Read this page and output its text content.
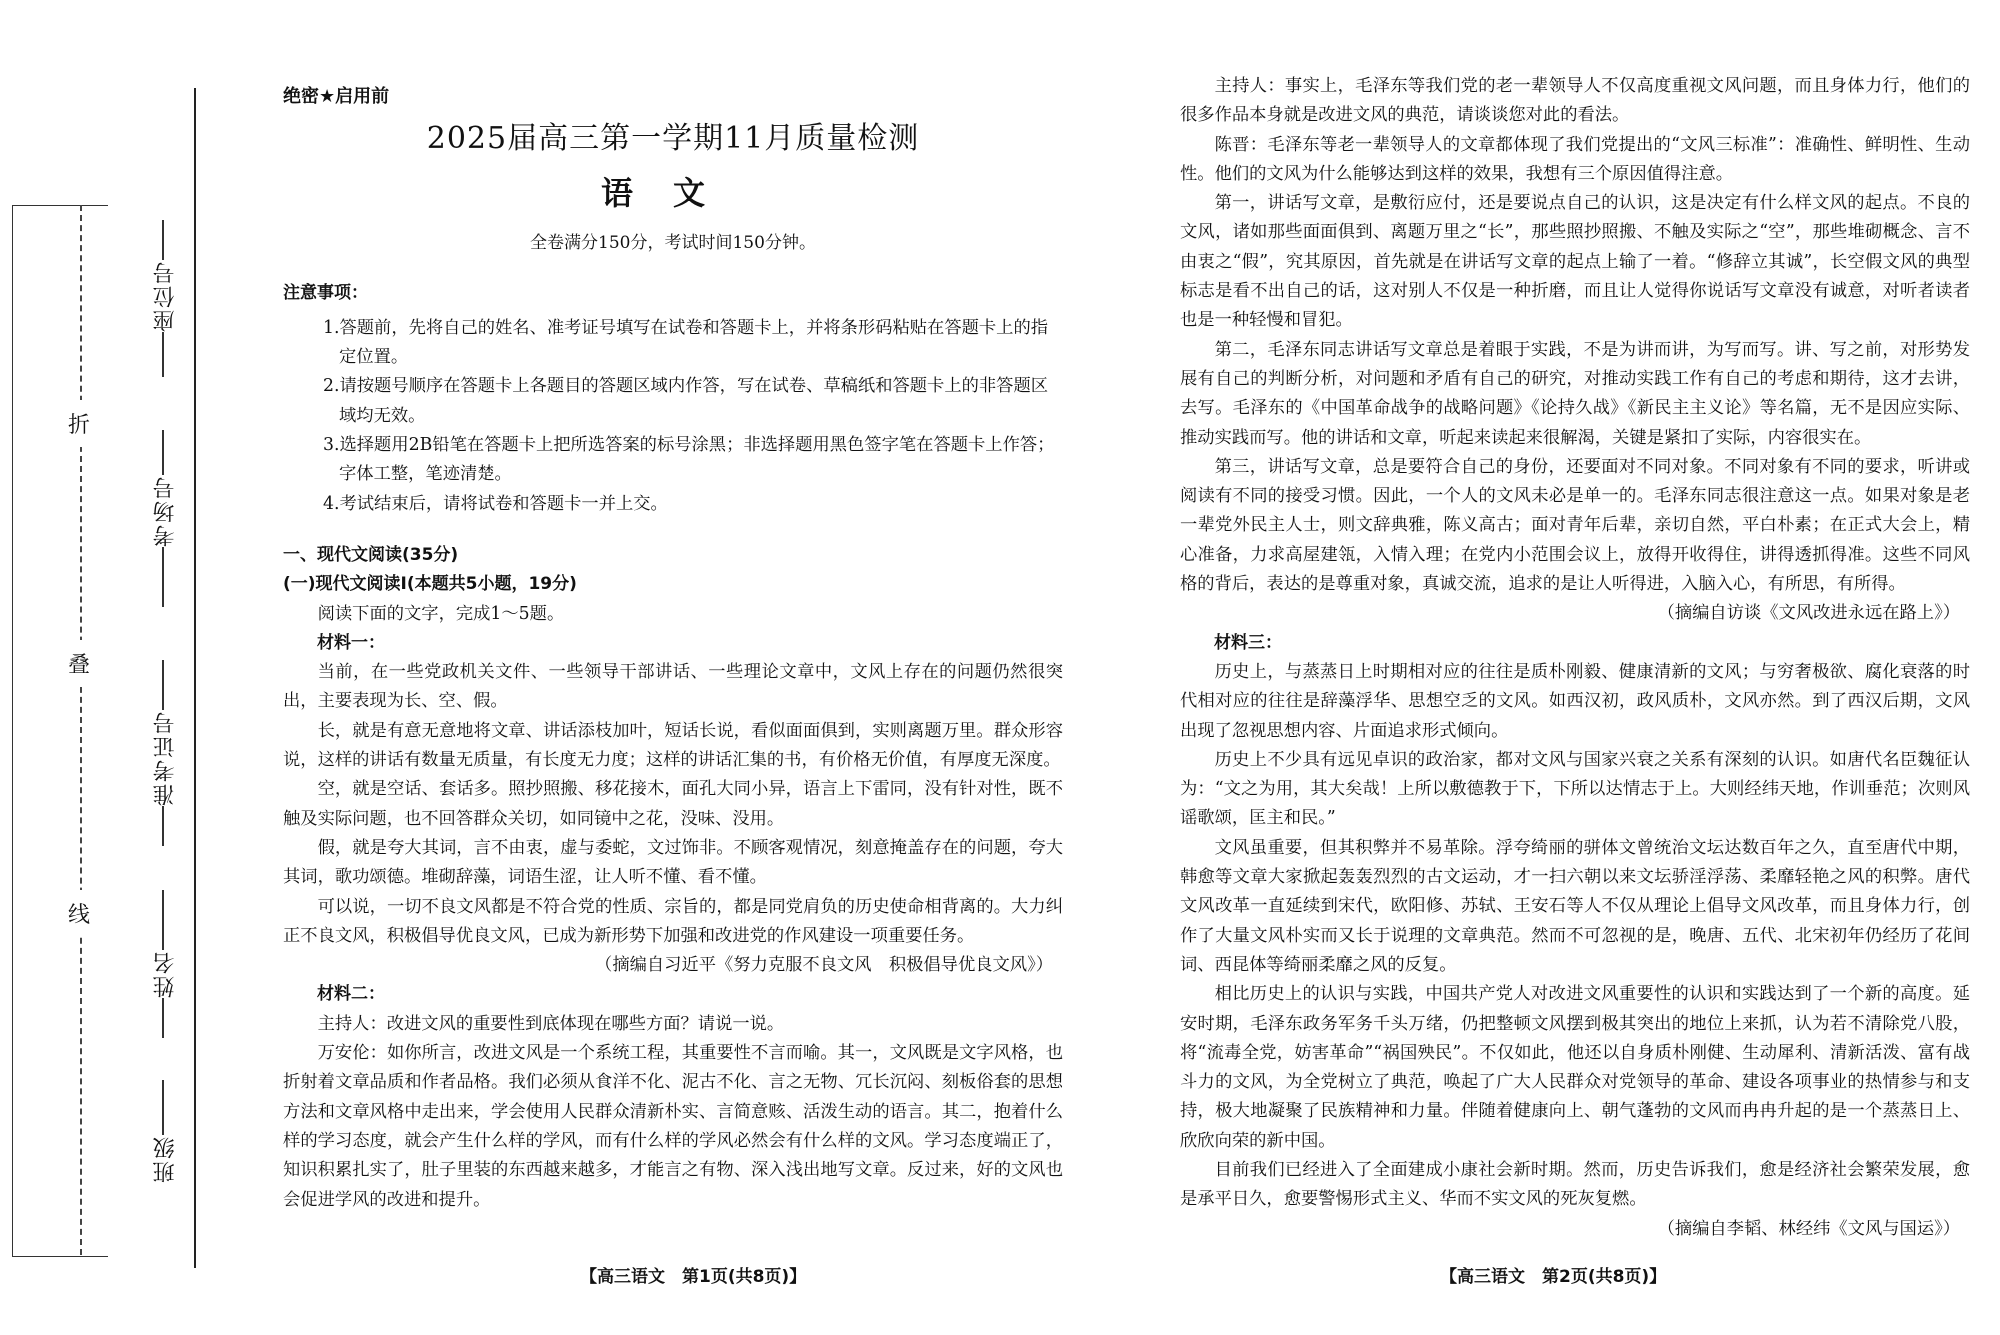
折
叠
线
座位号
考场号
准考证号
姓名
班级

绝密★启用前

2025届高三第一学期11月质量检测

语文

全卷满分150分，考试时间150分钟。

注意事项：

1.答题前，先将自己的姓名、准考证号填写在试卷和答题卡上，并将条形码粘贴在答题卡上的指定位置。

2.请按题号顺序在答题卡上各题目的答题区域内作答，写在试卷、草稿纸和答题卡上的非答题区域均无效。

3.选择题用2B铅笔在答题卡上把所选答案的标号涂黑；非选择题用黑色签字笔在答题卡上作答；字体工整，笔迹清楚。

4.考试结束后，请将试卷和答题卡一并上交。

一、现代文阅读(35分)

(一)现代文阅读Ⅰ(本题共5小题，19分)

阅读下面的文字，完成1～5题。

材料一：

当前，在一些党政机关文件、一些领导干部讲话、一些理论文章中，文风上存在的问题仍然很突出，主要表现为长、空、假。

长，就是有意无意地将文章、讲话添枝加叶，短话长说，看似面面俱到，实则离题万里。群众形容说，这样的讲话有数量无质量，有长度无力度；这样的讲话汇集的书，有价格无价值，有厚度无深度。

空，就是空话、套话多。照抄照搬、移花接木，面孔大同小异，语言上下雷同，没有针对性，既不触及实际问题，也不回答群众关切，如同镜中之花，没味、没用。

假，就是夸大其词，言不由衷，虚与委蛇，文过饰非。不顾客观情况，刻意掩盖存在的问题，夸大其词，歌功颂德。堆砌辞藻，词语生涩，让人听不懂、看不懂。

可以说，一切不良文风都是不符合党的性质、宗旨的，都是同党肩负的历史使命相背离的。大力纠正不良文风，积极倡导优良文风，已成为新形势下加强和改进党的作风建设一项重要任务。

（摘编自习近平《努力克服不良文风　积极倡导优良文风》）

材料二：

主持人：改进文风的重要性到底体现在哪些方面？请说一说。

万安伦：如你所言，改进文风是一个系统工程，其重要性不言而喻。其一，文风既是文字风格，也折射着文章品质和作者品格。我们必须从食洋不化、泥古不化、言之无物、冗长沉闷、刻板俗套的思想方法和文章风格中走出来，学会使用人民群众清新朴实、言简意赅、活泼生动的语言。其二，抱着什么样的学习态度，就会产生什么样的学风，而有什么样的学风必然会有什么样的文风。学习态度端正了，知识积累扎实了，肚子里装的东西越来越多，才能言之有物、深入浅出地写文章。反过来，好的文风也会促进学风的改进和提升。

【高三语文　第1页(共8页)】

主持人：事实上，毛泽东等我们党的老一辈领导人不仅高度重视文风问题，而且身体力行，他们的很多作品本身就是改进文风的典范，请谈谈您对此的看法。

陈晋：毛泽东等老一辈领导人的文章都体现了我们党提出的“文风三标准”：准确性、鲜明性、生动性。他们的文风为什么能够达到这样的效果，我想有三个原因值得注意。

第一，讲话写文章，是敷衍应付，还是要说点自己的认识，这是决定有什么样文风的起点。不良的文风，诸如那些面面俱到、离题万里之“长”，那些照抄照搬、不触及实际之“空”，那些堆砌概念、言不由衷之“假”，究其原因，首先就是在讲话写文章的起点上输了一着。“修辞立其诚”，长空假文风的典型标志是看不出自己的话，这对别人不仅是一种折磨，而且让人觉得你说话写文章没有诚意，对听者读者也是一种轻慢和冒犯。

第二，毛泽东同志讲话写文章总是着眼于实践，不是为讲而讲，为写而写。讲、写之前，对形势发展有自己的判断分析，对问题和矛盾有自己的研究，对推动实践工作有自己的考虑和期待，这才去讲，去写。毛泽东的《中国革命战争的战略问题》《论持久战》《新民主主义论》等名篇，无不是因应实际、推动实践而写。他的讲话和文章，听起来读起来很解渴，关键是紧扣了实际，内容很实在。

第三，讲话写文章，总是要符合自己的身份，还要面对不同对象。不同对象有不同的要求，听讲或阅读有不同的接受习惯。因此，一个人的文风未必是单一的。毛泽东同志很注意这一点。如果对象是老一辈党外民主人士，则文辞典雅，陈义高古；面对青年后辈，亲切自然，平白朴素；在正式大会上，精心准备，力求高屋建瓴，入情入理；在党内小范围会议上，放得开收得住，讲得透抓得准。这些不同风格的背后，表达的是尊重对象，真诚交流，追求的是让人听得进，入脑入心，有所思，有所得。

（摘编自访谈《文风改进永远在路上》）

材料三：

历史上，与蒸蒸日上时期相对应的往往是质朴刚毅、健康清新的文风；与穷奢极欲、腐化衰落的时代相对应的往往是辞藻浮华、思想空乏的文风。如西汉初，政风质朴，文风亦然。到了西汉后期，文风出现了忽视思想内容、片面追求形式倾向。

历史上不少具有远见卓识的政治家，都对文风与国家兴衰之关系有深刻的认识。如唐代名臣魏征认为：“文之为用，其大矣哉！上所以敷德教于下，下所以达情志于上。大则经纬天地，作训垂范；次则风谣歌颂，匡主和民。”

文风虽重要，但其积弊并不易革除。浮夸绮丽的骈体文曾统治文坛达数百年之久，直至唐代中期，韩愈等文章大家掀起轰轰烈烈的古文运动，才一扫六朝以来文坛骄淫浮荡、柔靡轻艳之风的积弊。唐代文风改革一直延续到宋代，欧阳修、苏轼、王安石等人不仅从理论上倡导文风改革，而且身体力行，创作了大量文风朴实而又长于说理的文章典范。然而不可忽视的是，晚唐、五代、北宋初年仍经历了花间词、西昆体等绮丽柔靡之风的反复。

相比历史上的认识与实践，中国共产党人对改进文风重要性的认识和实践达到了一个新的高度。延安时期，毛泽东政务军务千头万绪，仍把整顿文风摆到极其突出的地位上来抓，认为若不清除党八股，将“流毒全党，妨害革命”“祸国殃民”。不仅如此，他还以自身质朴刚健、生动犀利、清新活泼、富有战斗力的文风，为全党树立了典范，唤起了广大人民群众对党领导的革命、建设各项事业的热情参与和支持，极大地凝聚了民族精神和力量。伴随着健康向上、朝气蓬勃的文风而冉冉升起的是一个蒸蒸日上、欣欣向荣的新中国。

目前我们已经进入了全面建成小康社会新时期。然而，历史告诉我们，愈是经济社会繁荣发展，愈是承平日久，愈要警惕形式主义、华而不实文风的死灰复燃。

（摘编自李韬、林经纬《文风与国运》）

【高三语文　第2页(共8页)】
